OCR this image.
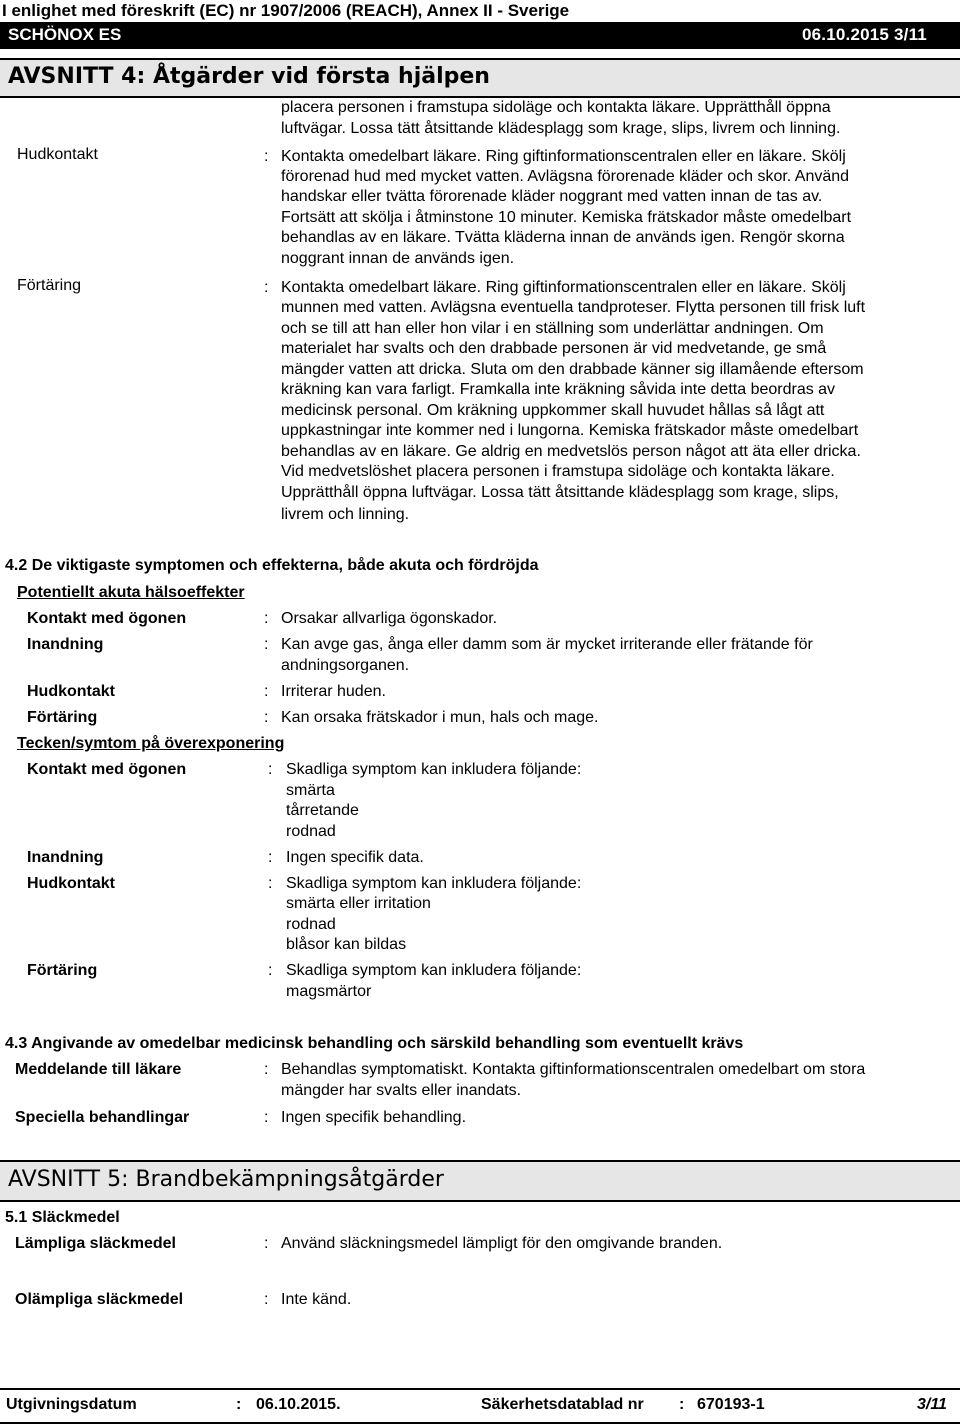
I enlighet med föreskrift (EC) nr 1907/2006 (REACH), Annex II - Sverige
SCHÖNOX ES	06.10.2015 3/11
AVSNITT 4: Åtgärder vid första hjälpen
placera personen i framstupa sidoläge och kontakta läkare. Upprätthåll öppna
luftvägar. Lossa tätt åtsittande klädesplagg som krage, slips, livrem och linning.
Hudkontakt	: Kontakta omedelbart läkare. Ring giftinformationscentralen eller en läkare. Skölj
förorenad hud med mycket vatten. Avlägsna förorenade kläder och skor. Använd
handskar eller tvätta förorenade kläder noggrant med vatten innan de tas av.
Fortsätt att skölja i åtminstone 10 minuter. Kemiska frätskador måste omedelbart
behandlas av en läkare. Tvätta kläderna innan de används igen. Rengör skorna
noggrant innan de används igen.
Förtäring	: Kontakta omedelbart läkare. Ring giftinformationscentralen eller en läkare. Skölj
munnen med vatten. Avlägsna eventuella tandproteser. Flytta personen till frisk luft
och se till att han eller hon vilar i en ställning som underlättar andningen. Om
materialet har svalts och den drabbade personen är vid medvetande, ge små
mängder vatten att dricka. Sluta om den drabbade känner sig illamående eftersom
kräkning kan vara farligt. Framkalla inte kräkning såvida inte detta beordras av
medicinsk personal. Om kräkning uppkommer skall huvudet hållas så lågt att
uppkastningar inte kommer ned i lungorna. Kemiska frätskador måste omedelbart
behandlas av en läkare. Ge aldrig en medvetslös person något att äta eller dricka.
Vid medvetslöshet placera personen i framstupa sidoläge och kontakta läkare.
Upprätthåll öppna luftvägar. Lossa tätt åtsittande klädesplagg som krage, slips,
livrem och linning.
4.2 De viktigaste symptomen och effekterna, både akuta och fördröjda
Potentiellt akuta hälsoeffekter
Kontakt med ögonen	: Orsakar allvarliga ögonskador.
Inandning	: Kan avge gas, ånga eller damm som är mycket irriterande eller frätande för
andningsorganen.
Hudkontakt	: Irriterar huden.
Förtäring	: Kan orsaka frätskador i mun, hals och mage.
Tecken/symtom på överexponering
Kontakt med ögonen	: Skadliga symptom kan inkludera följande:
smärta
tårretande
rodnad
Inandning	: Ingen specifik data.
Hudkontakt	: Skadliga symptom kan inkludera följande:
smärta eller irritation
rodnad
blåsor kan bildas
Förtäring	: Skadliga symptom kan inkludera följande:
magsmärtor
4.3 Angivande av omedelbar medicinsk behandling och särskild behandling som eventuellt krävs
Meddelande till läkare	: Behandlas symptomatiskt. Kontakta giftinformationscentralen omedelbart om stora
mängder har svalts eller inandats.
Speciella behandlingar	: Ingen specifik behandling.
AVSNITT 5: Brandbekämpningsåtgärder
5.1 Släckmedel
Lämpliga släckmedel	: Använd släckningsmedel lämpligt för den omgivande branden.
Olämpliga släckmedel	: Inte känd.
Utgivningsdatum	: 06.10.2015.	Säkerhetsdatablad nr : 670193-1	3/11
